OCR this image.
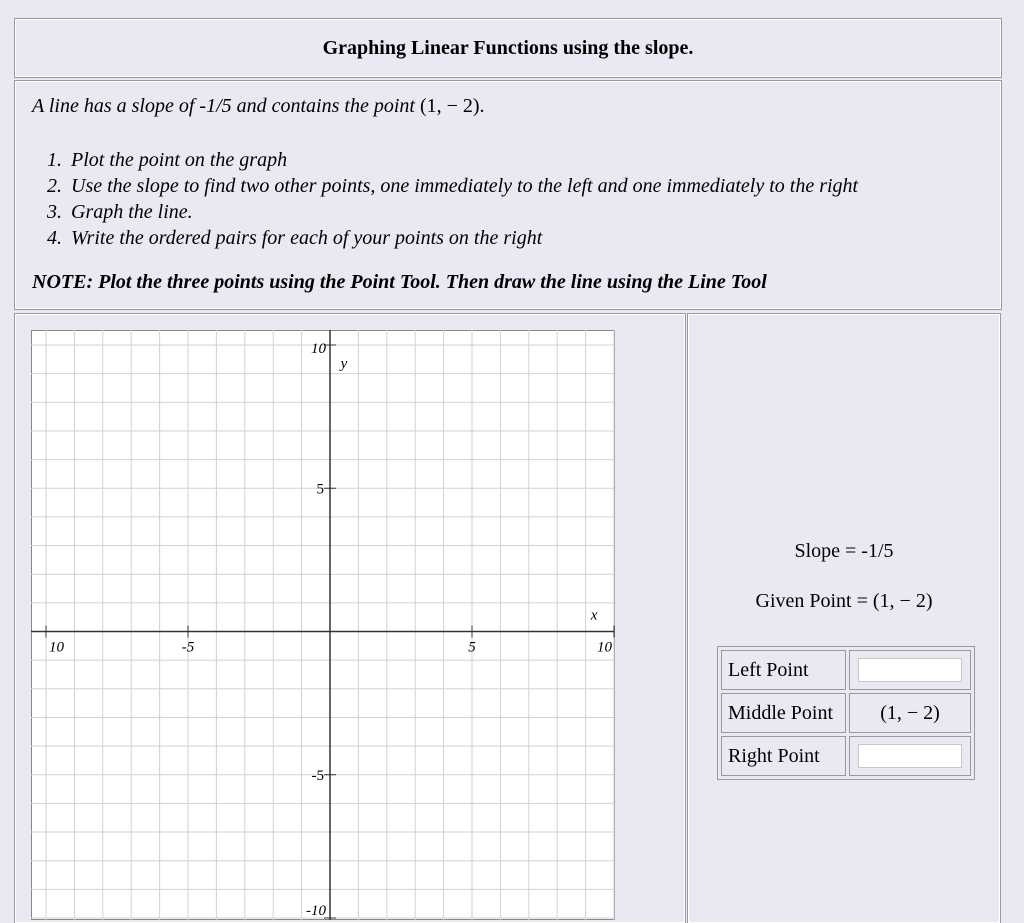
Graphing Linear Functions using the slope.
A line has a slope of -1/5 and contains the point (1, − 2).
1. Plot the point on the graph
2. Use the slope to find two other points, one immediately to the left and one immediately to the right
3. Graph the line.
4. Write the ordered pairs for each of your points on the right
NOTE: Plot the three points using the Point Tool. Then draw the line using the Line Tool
10	-5	5	10
10
5
-5
-10
x
y
Slope = -1/5
Given Point = (1, − 2)
Left Point	
Middle Point	(1, − 2)
Right Point	
